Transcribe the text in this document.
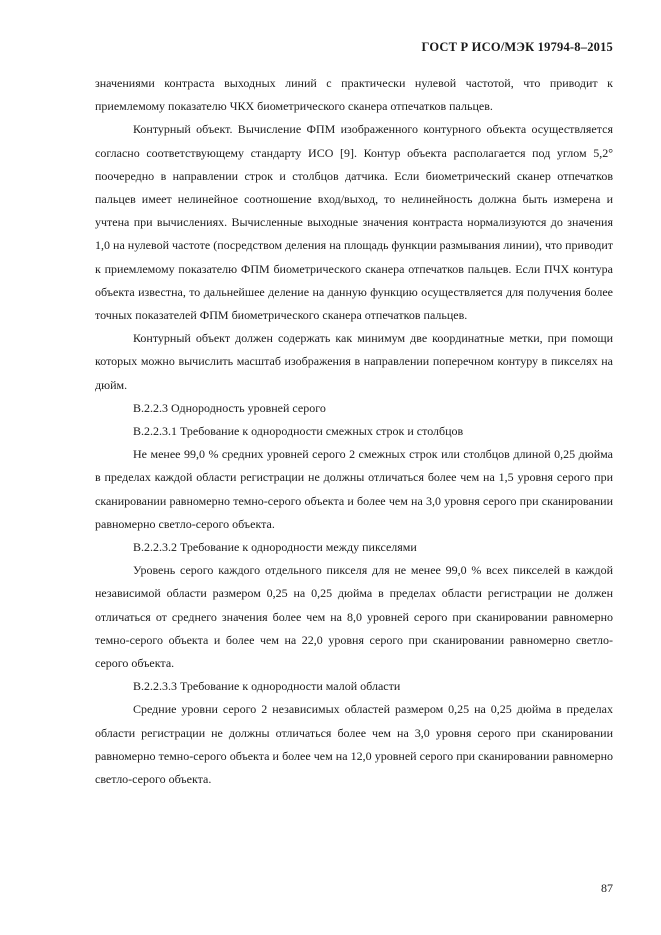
ГОСТ Р ИСО/МЭК 19794-8–2015

значениями контраста выходных линий с практически нулевой частотой, что приводит к приемлемому показателю ЧКХ биометрического сканера отпечатков пальцев.

Контурный объект. Вычисление ФПМ изображенного контурного объекта осуществляется согласно соответствующему стандарту ИСО [9]. Контур объекта располагается под углом 5,2° поочередно в направлении строк и столбцов датчика. Если биометрический сканер отпечатков пальцев имеет нелинейное соотношение вход/выход, то нелинейность должна быть измерена и учтена при вычислениях. Вычисленные выходные значения контраста нормализуются до значения 1,0 на нулевой частоте (посредством деления на площадь функции размывания линии), что приводит к приемлемому показателю ФПМ биометрического сканера отпечатков пальцев. Если ПЧХ контура объекта известна, то дальнейшее деление на данную функцию осуществляется для получения более точных показателей ФПМ биометрического сканера отпечатков пальцев.

Контурный объект должен содержать как минимум две координатные метки, при помощи которых можно вычислить масштаб изображения в направлении поперечном контуру в пикселях на дюйм.

В.2.2.3 Однородность уровней серого

В.2.2.3.1 Требование к однородности смежных строк и столбцов

Не менее 99,0 % средних уровней серого 2 смежных строк или столбцов длиной 0,25 дюйма в пределах каждой области регистрации не должны отличаться более чем на 1,5 уровня серого при сканировании равномерно темно-серого объекта и более чем на 3,0 уровня серого при сканировании равномерно светло-серого объекта.

В.2.2.3.2 Требование к однородности между пикселями

Уровень серого каждого отдельного пикселя для не менее 99,0 % всех пикселей в каждой независимой области размером 0,25 на 0,25 дюйма в пределах области регистрации не должен отличаться от среднего значения более чем на 8,0 уровней серого при сканировании равномерно темно-серого объекта и более чем на 22,0 уровня серого при сканировании равномерно светло-серого объекта.

В.2.2.3.3 Требование к однородности малой области

Средние уровни серого 2 независимых областей размером 0,25 на 0,25 дюйма в пределах области регистрации не должны отличаться более чем на 3,0 уровня серого при сканировании равномерно темно-серого объекта и более чем на 12,0 уровней серого при сканировании равномерно светло-серого объекта.

87
